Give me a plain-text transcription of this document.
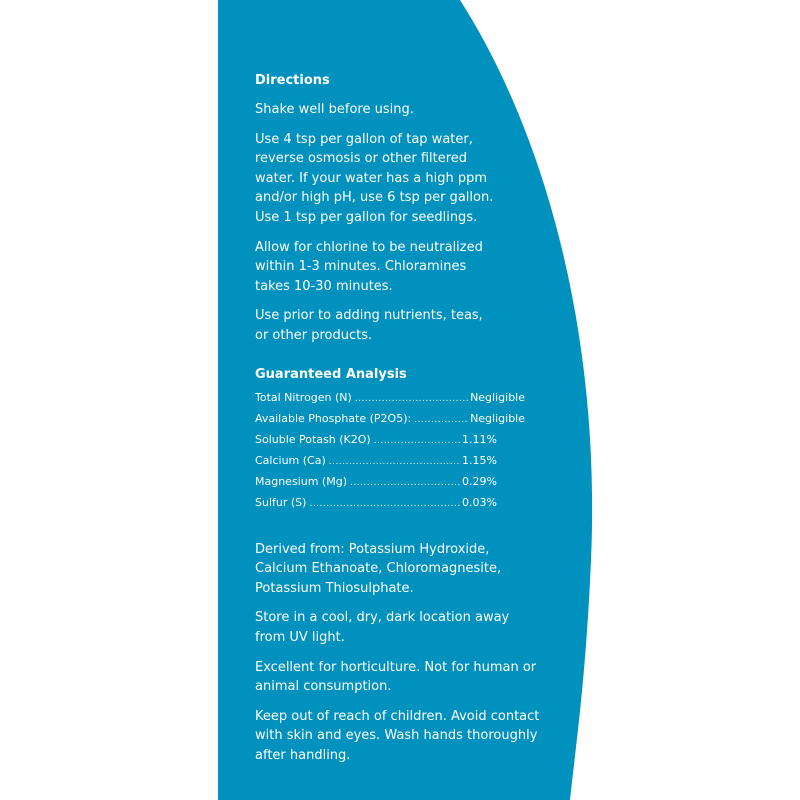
Directions

Shake well before using.

Use 4 tsp per gallon of tap water, reverse osmosis or other filtered water. If your water has a high ppm and/or high pH, use 6 tsp per gallon. Use 1 tsp per gallon for seedlings.

Allow for chlorine to be neutralized within 1-3 minutes. Chloramines takes 10-30 minutes.

Use prior to adding nutrients, teas, or other products.

Guaranteed Analysis
Total Nitrogen (N) .....	Negligible
Available Phosphate (P2O5): .....	Negligible
Soluble Potash (K2O) .....	1.11%
Calcium (Ca) .....	1.15%
Magnesium (Mg) .....	0.29%
Sulfur (S) .....	0.03%

Derived from: Potassium Hydroxide, Calcium Ethanoate, Chloromagnesite, Potassium Thiosulphate.

Store in a cool, dry, dark location away from UV light.

Excellent for horticulture. Not for human or animal consumption.

Keep out of reach of children. Avoid contact with skin and eyes. Wash hands thoroughly after handling.
